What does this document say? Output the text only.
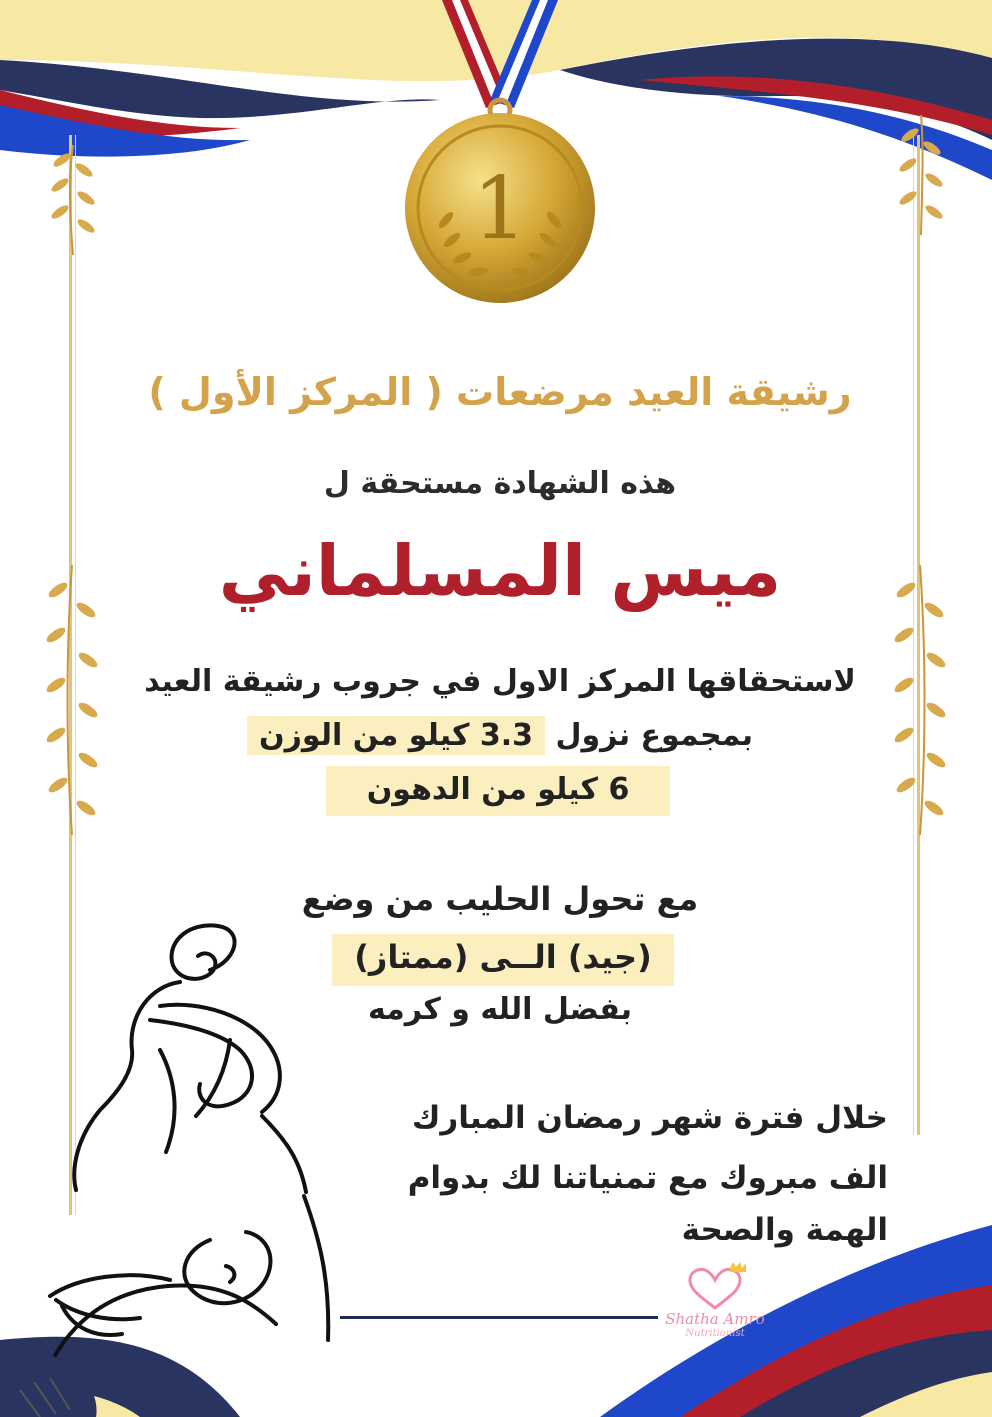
1
رشيقة العيد مرضعات ( المركز الأول )
هذه الشهادة مستحقة ل
ميس المسلماني
لاستحقاقها المركز الاول في جروب رشيقة العيد
بمجموع نزول 3.3 كيلو من الوزن
6 كيلو من الدهون
مع تحول الحليب من وضع
(جيد) الــى (ممتاز)
بفضل الله و كرمه
خلال فترة شهر رمضان المبارك
الف مبروك مع تمنياتنا لك بدوام
الهمة والصحة
Shatha Amro
Nutritionist
